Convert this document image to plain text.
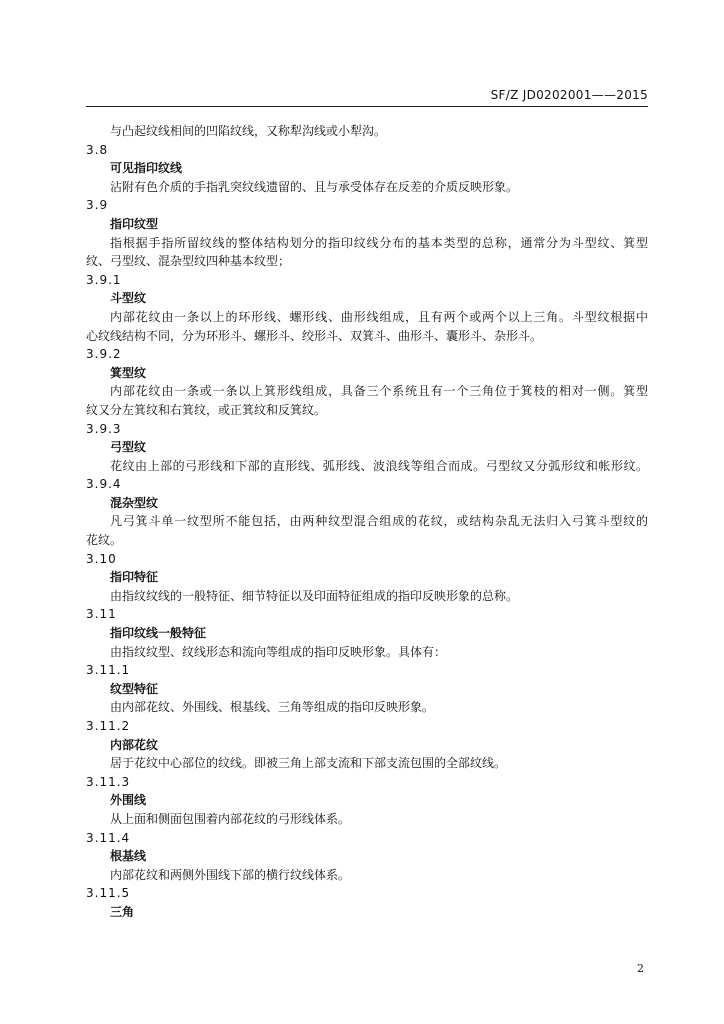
SF/Z JD0202001——2015
与凸起纹线相间的凹陷纹线，又称犁沟线或小犁沟。
3.8
可见指印纹线
沾附有色介质的手指乳突纹线遗留的、且与承受体存在反差的介质反映形象。
3.9
指印纹型
指根据手指所留纹线的整体结构划分的指印纹线分布的基本类型的总称，通常分为斗型纹、箕型
纹、弓型纹、混杂型纹四种基本纹型；
3.9.1
斗型纹
内部花纹由一条以上的环形线、螺形线、曲形线组成，且有两个或两个以上三角。斗型纹根据中
心纹线结构不同，分为环形斗、螺形斗、绞形斗、双箕斗、曲形斗、囊形斗、杂形斗。
3.9.2
箕型纹
内部花纹由一条或一条以上箕形线组成，具备三个系统且有一个三角位于箕枝的相对一侧。箕型
纹又分左箕纹和右箕纹，或正箕纹和反箕纹。
3.9.3
弓型纹
花纹由上部的弓形线和下部的直形线、弧形线、波浪线等组合而成。弓型纹又分弧形纹和帐形纹。
3.9.4
混杂型纹
凡弓箕斗单一纹型所不能包括，由两种纹型混合组成的花纹，或结构杂乱无法归入弓箕斗型纹的
花纹。
3.10
指印特征
由指纹纹线的一般特征、细节特征以及印面特征组成的指印反映形象的总称。
3.11
指印纹线一般特征
由指纹纹型、纹线形态和流向等组成的指印反映形象。具体有：
3.11.1
纹型特征
由内部花纹、外围线、根基线、三角等组成的指印反映形象。
3.11.2
内部花纹
居于花纹中心部位的纹线。即被三角上部支流和下部支流包围的全部纹线。
3.11.3
外围线
从上面和侧面包围着内部花纹的弓形线体系。
3.11.4
根基线
内部花纹和两侧外围线下部的横行纹线体系。
3.11.5
三角
2
